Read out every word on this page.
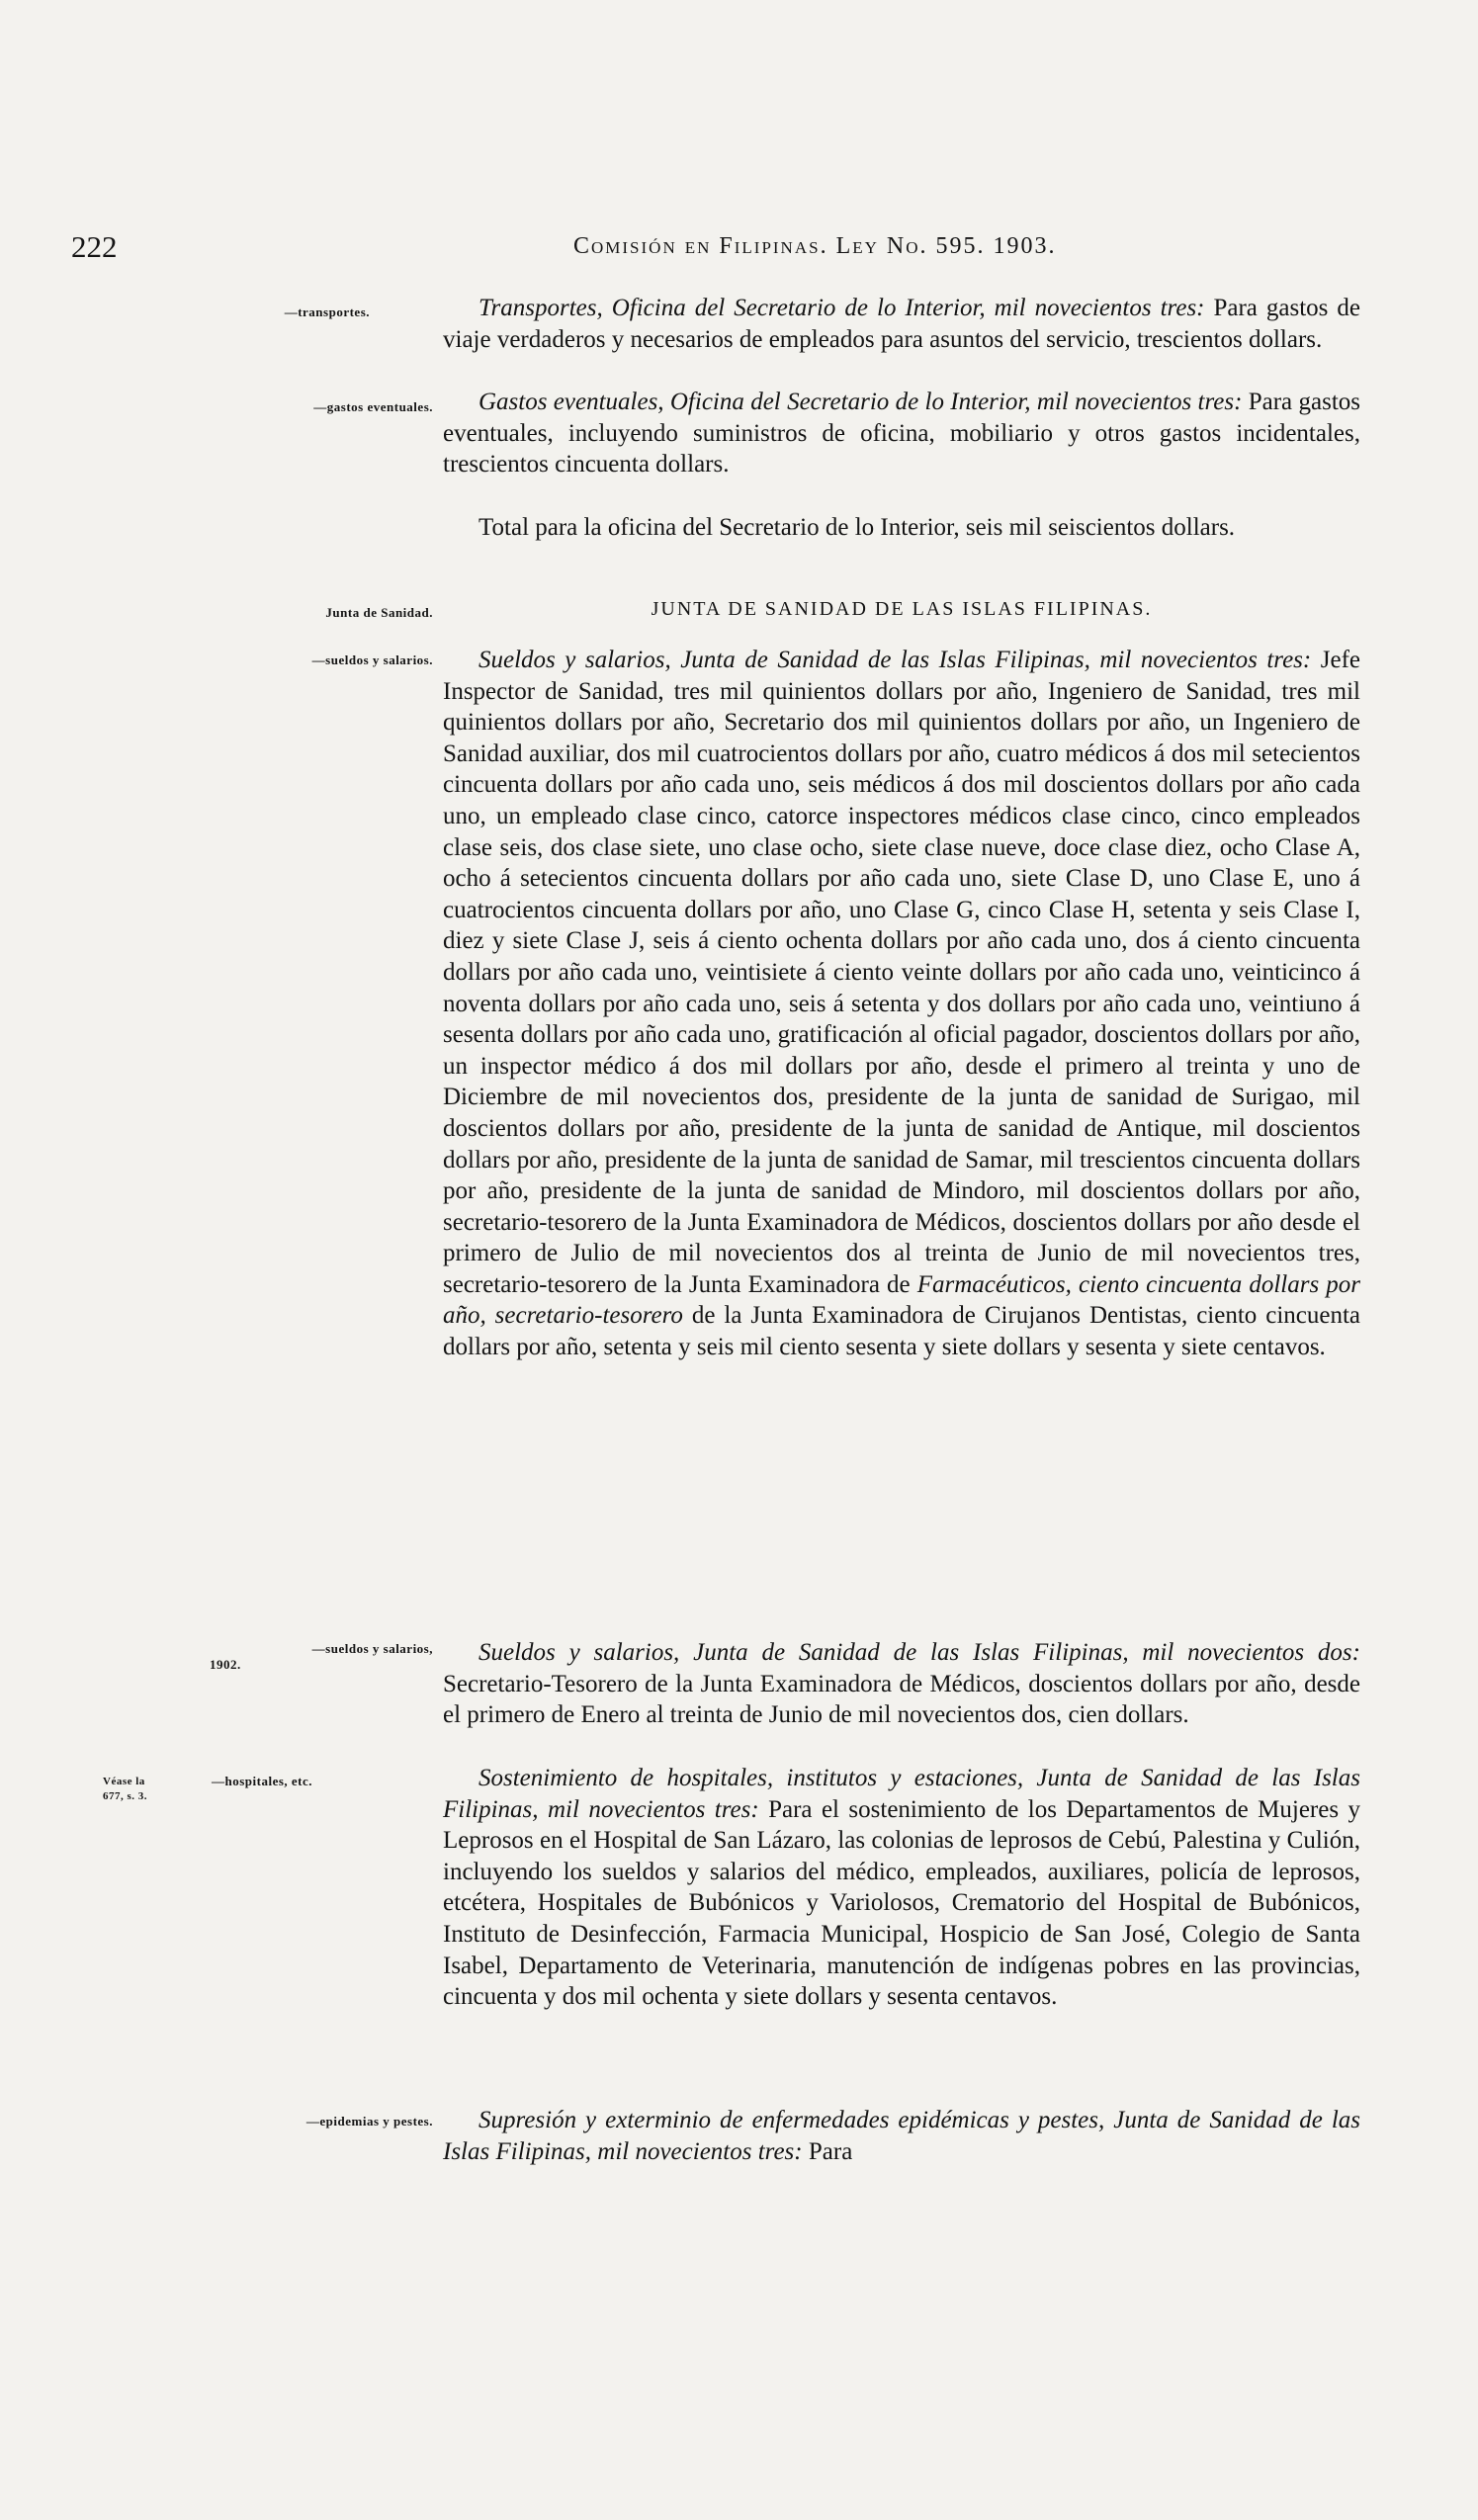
222	Comisión en Filipinas. Ley No. 595. 1903.
—transportes.
—gastos eventuales.
Junta de Sanidad.
—sueldos y salarios.
—sueldos y salarios,
1902.
Véase la
677, s. 3.
—hospitales, etc.
—epidemias y pestes.

Transportes, Oficina del Secretario de lo Interior, mil novecientos tres: Para gastos de viaje verdaderos y necesarios de empleados para asuntos del servicio, trescientos dollars.

Gastos eventuales, Oficina del Secretario de lo Interior, mil novecientos tres: Para gastos eventuales, incluyendo suministros de oficina, mobiliario y otros gastos incidentales, trescientos cincuenta dollars.

Total para la oficina del Secretario de lo Interior, seis mil seiscientos dollars.

JUNTA DE SANIDAD DE LAS ISLAS FILIPINAS.

Sueldos y salarios, Junta de Sanidad de las Islas Filipinas, mil novecientos tres: Jefe Inspector de Sanidad, tres mil quinientos dollars por año, Ingeniero de Sanidad, tres mil quinientos dollars por año, Secretario dos mil quinientos dollars por año, un Ingeniero de Sanidad auxiliar, dos mil cuatrocientos dollars por año, cuatro médicos á dos mil setecientos cincuenta dollars por año cada uno, seis médicos á dos mil doscientos dollars por año cada uno, un empleado clase cinco, catorce inspectores médicos clase cinco, cinco empleados clase seis, dos clase siete, uno clase ocho, siete clase nueve, doce clase diez, ocho Clase A, ocho á setecientos cincuenta dollars por año cada uno, siete Clase D, uno Clase E, uno á cuatrocientos cincuenta dollars por año, uno Clase G, cinco Clase H, setenta y seis Clase I, diez y siete Clase J, seis á ciento ochenta dollars por año cada uno, dos á ciento cincuenta dollars por año cada uno, veintisiete á ciento veinte dollars por año cada uno, veinticinco á noventa dollars por año cada uno, seis á setenta y dos dollars por año cada uno, veintiuno á sesenta dollars por año cada uno, gratificación al oficial pagador, doscientos dollars por año, un inspector médico á dos mil dollars por año, desde el primero al treinta y uno de Diciembre de mil novecientos dos, presidente de la junta de sanidad de Surigao, mil doscientos dollars por año, presidente de la junta de sanidad de Antique, mil doscientos dollars por año, presidente de la junta de sanidad de Samar, mil trescientos cincuenta dollars por año, presidente de la junta de sanidad de Mindoro, mil doscientos dollars por año, secretario-tesorero de la Junta Examinadora de Médicos, doscientos dollars por año desde el primero de Julio de mil novecientos dos al treinta de Junio de mil novecientos tres, secretario-tesorero de la Junta Examinadora de Farmacéuticos, ciento cincuenta dollars por año, secretario-tesorero de la Junta Examinadora de Cirujanos Dentistas, ciento cincuenta dollars por año, setenta y seis mil ciento sesenta y siete dollars y sesenta y siete centavos.

Sueldos y salarios, Junta de Sanidad de las Islas Filipinas, mil novecientos dos: Secretario-Tesorero de la Junta Examinadora de Médicos, doscientos dollars por año, desde el primero de Enero al treinta de Junio de mil novecientos dos, cien dollars.

Sostenimiento de hospitales, institutos y estaciones, Junta de Sanidad de las Islas Filipinas, mil novecientos tres: Para el sostenimiento de los Departamentos de Mujeres y Leprosos en el Hospital de San Lázaro, las colonias de leprosos de Cebú, Palestina y Culión, incluyendo los sueldos y salarios del médico, empleados, auxiliares, policía de leprosos, etcétera, Hospitales de Bubónicos y Variolosos, Crematorio del Hospital de Bubónicos, Instituto de Desinfección, Farmacia Municipal, Hospicio de San José, Colegio de Santa Isabel, Departamento de Veterinaria, manutención de indígenas pobres en las provincias, cincuenta y dos mil ochenta y siete dollars y sesenta centavos.

Supresión y exterminio de enfermedades epidémicas y pestes, Junta de Sanidad de las Islas Filipinas, mil novecientos tres: Para
